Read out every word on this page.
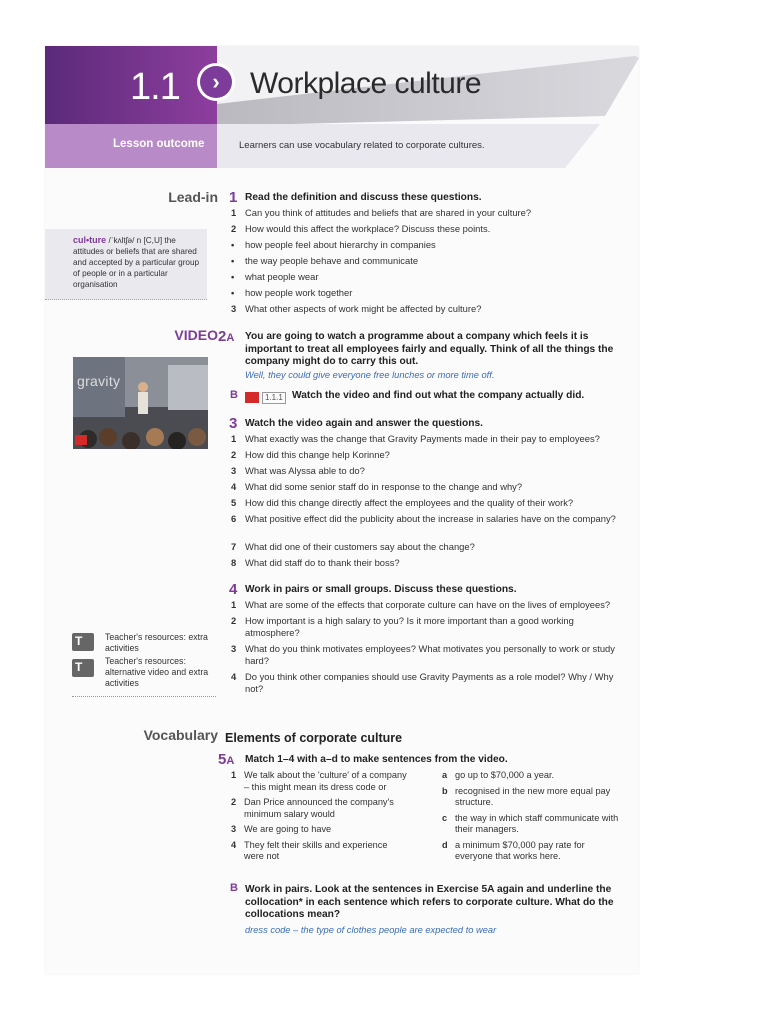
1.1	›	Workplace culture
Lesson outcome	Learners can use vocabulary related to corporate cultures.
Lead-in
cul•ture /ˈkʌltʃə/ n [C,U] the attitudes or beliefs that are shared and accepted by a particular group of people or in a particular organisation
VIDEO
gravity
T	Teacher's resources: extra activities
T	Teacher's resources: alternative video and extra activities
Vocabulary
1 Read the definition and discuss these questions.
1 Can you think of attitudes and beliefs that are shared in your culture?
2 How would this affect the workplace? Discuss these points.
• how people feel about hierarchy in companies
• the way people behave and communicate
• what people wear
• how people work together
3 What other aspects of work might be affected by culture?
2A You are going to watch a programme about a company which feels it is important to treat all employees fairly and equally. Think of all the things the company might do to carry this out.
Well, they could give everyone free lunches or more time off.
B	1.1.1 Watch the video and find out what the company actually did.
3 Watch the video again and answer the questions.
1 What exactly was the change that Gravity Payments made in their pay to employees?
2 How did this change help Korinne?
3 What was Alyssa able to do?
4 What did some senior staff do in response to the change and why?
5 How did this change directly affect the employees and the quality of their work?
6 What positive effect did the publicity about the increase in salaries have on the company?
7 What did one of their customers say about the change?
8 What did staff do to thank their boss?
4 Work in pairs or small groups. Discuss these questions.
1 What are some of the effects that corporate culture can have on the lives of employees?
2 How important is a high salary to you? Is it more important than a good working atmosphere?
3 What do you think motivates employees? What motivates you personally to work or study hard?
4 Do you think other companies should use Gravity Payments as a role model? Why / Why not?
Elements of corporate culture
5A Match 1–4 with a–d to make sentences from the video.
1 We talk about the 'culture' of a company – this might mean its dress code or
2 Dan Price announced the company's minimum salary would
3 We are going to have
4 They felt their skills and experience were not
a go up to $70,000 a year.
b recognised in the new more equal pay structure.
c the way in which staff communicate with their managers.
d a minimum $70,000 pay rate for everyone that works here.
B Work in pairs. Look at the sentences in Exercise 5A again and underline the collocation* in each sentence which refers to corporate culture. What do the collocations mean?
dress code – the type of clothes people are expected to wear
